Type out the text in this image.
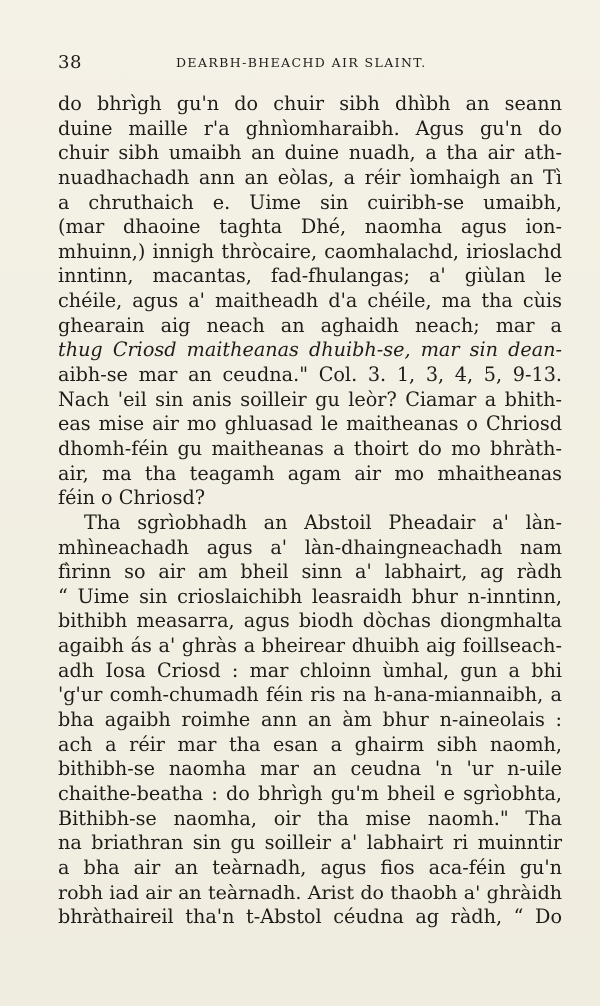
38	DEARBH-BHEACHD AIR SLAINT.
do bhrìgh gu'n do chuir sibh dhìbh an seann
duine maille r'a ghnìomharaibh. Agus gu'n do
chuir sibh umaibh an duine nuadh, a tha air ath-
nuadhachadh ann an eòlas, a réir ìomhaigh an Tì
a chruthaich e. Uime sin cuiribh-se umaibh,
(mar dhaoine taghta Dhé, naomha agus ion-
mhuinn,) innigh thròcaire, caomhalachd, irioslachd
inntinn, macantas, fad-fhulangas; a' giùlan le
chéile, agus a' maitheadh d'a chéile, ma tha cùis
ghearain aig neach an aghaidh neach; mar a
thug Criosd maitheanas dhuibh-se, mar sin dean-
aibh-se mar an ceudna." Col. 3. 1, 3, 4, 5, 9-13.
Nach 'eil sin anis soilleir gu leòr? Ciamar a bhith-
eas mise air mo ghluasad le maitheanas o Chriosd
dhomh-féin gu maitheanas a thoirt do mo bhràth-
air, ma tha teagamh agam air mo mhaitheanas
féin o Chriosd?
Tha sgrìobhadh an Abstoil Pheadair a' làn-
mhìneachadh agus a' làn-dhaingneachadh nam
fìrinn so air am bheil sinn a' labhairt, ag ràdh
“ Uime sin crioslaichibh leasraidh bhur n-inntinn,
bithibh measarra, agus biodh dòchas diongmhalta
agaibh ás a' ghràs a bheirear dhuibh aig foillseach-
adh Iosa Criosd : mar chloinn ùmhal, gun a bhi
'g'ur comh-chumadh féin ris na h-ana-miannaibh, a
bha agaibh roimhe ann an àm bhur n-aineolais :
ach a réir mar tha esan a ghairm sibh naomh,
bithibh-se naomha mar an ceudna 'n 'ur n-uile
chaithe-beatha : do bhrìgh gu'm bheil e sgrìobhta,
Bithibh-se naomha, oir tha mise naomh." Tha
na briathran sin gu soilleir a' labhairt ri muinntir
a bha air an teàrnadh, agus fios aca-féin gu'n
robh iad air an teàrnadh. Arist do thaobh a' ghràidh
bhràthaireil tha'n t-Abstol céudna ag ràdh, “ Do
